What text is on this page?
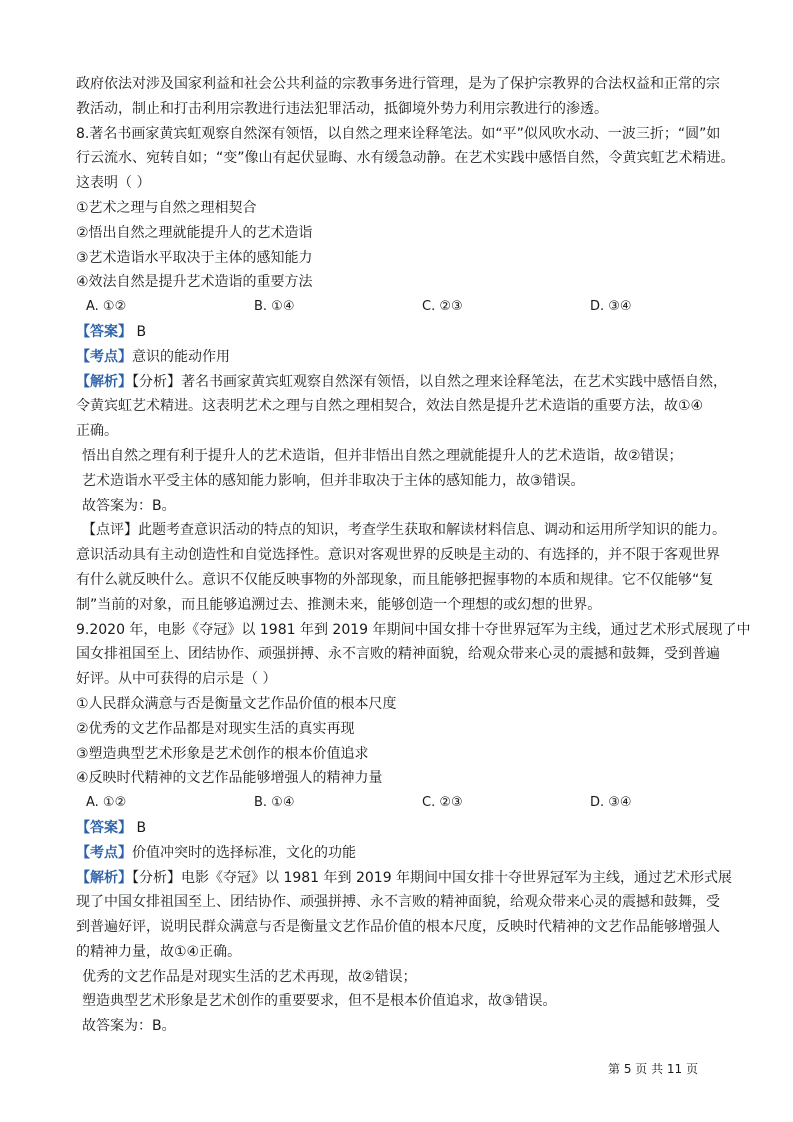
政府依法对涉及国家利益和社会公共利益的宗教事务进行管理，是为了保护宗教界的合法权益和正常的宗
教活动，制止和打击利用宗教进行违法犯罪活动，抵御境外势力利用宗教进行的渗透。
8.著名书画家黄宾虹观察自然深有领悟，以自然之理来诠释笔法。如“平”似风吹水动、一波三折；“圆”如
行云流水、宛转自如；“变”像山有起伏显晦、水有缓急动静。在艺术实践中感悟自然，令黄宾虹艺术精进。
这表明（ ）
①艺术之理与自然之理相契合
②悟出自然之理就能提升人的艺术造诣
③艺术造诣水平取决于主体的感知能力
④效法自然是提升艺术造诣的重要方法
A. ①②	B. ①④	C. ②③	D. ③④
【答案】 B
【考点】意识的能动作用
【解析】【分析】著名书画家黄宾虹观察自然深有领悟，以自然之理来诠释笔法，在艺术实践中感悟自然，
令黄宾虹艺术精进。这表明艺术之理与自然之理相契合，效法自然是提升艺术造诣的重要方法，故①④
正确。
悟出自然之理有利于提升人的艺术造诣，但并非悟出自然之理就能提升人的艺术造诣，故②错误；
艺术造诣水平受主体的感知能力影响，但并非取决于主体的感知能力，故③错误。
故答案为：B。
【点评】此题考查意识活动的特点的知识，考查学生获取和解读材料信息、调动和运用所学知识的能力。
意识活动具有主动创造性和自觉选择性。意识对客观世界的反映是主动的、有选择的，并不限于客观世界
有什么就反映什么。意识不仅能反映事物的外部现象，而且能够把握事物的本质和规律。它不仅能够“复
制”当前的对象，而且能够追溯过去、推测未来，能够创造一个理想的或幻想的世界。
9.2020 年，电影《夺冠》以 1981 年到 2019 年期间中国女排十夺世界冠军为主线，通过艺术形式展现了中
国女排祖国至上、团结协作、顽强拼搏、永不言败的精神面貌，给观众带来心灵的震撼和鼓舞，受到普遍
好评。从中可获得的启示是（ ）
①人民群众满意与否是衡量文艺作品价值的根本尺度
②优秀的文艺作品都是对现实生活的真实再现
③塑造典型艺术形象是艺术创作的根本价值追求
④反映时代精神的文艺作品能够增强人的精神力量
A. ①②	B. ①④	C. ②③	D. ③④
【答案】 B
【考点】价值冲突时的选择标准，文化的功能
【解析】【分析】电影《夺冠》以 1981 年到 2019 年期间中国女排十夺世界冠军为主线，通过艺术形式展
现了中国女排祖国至上、团结协作、顽强拼搏、永不言败的精神面貌，给观众带来心灵的震撼和鼓舞，受
到普遍好评，说明民群众满意与否是衡量文艺作品价值的根本尺度，反映时代精神的文艺作品能够增强人
的精神力量，故①④正确。
优秀的文艺作品是对现实生活的艺术再现，故②错误；
塑造典型艺术形象是艺术创作的重要要求，但不是根本价值追求，故③错误。
故答案为：B。
第 5 页 共 11 页
